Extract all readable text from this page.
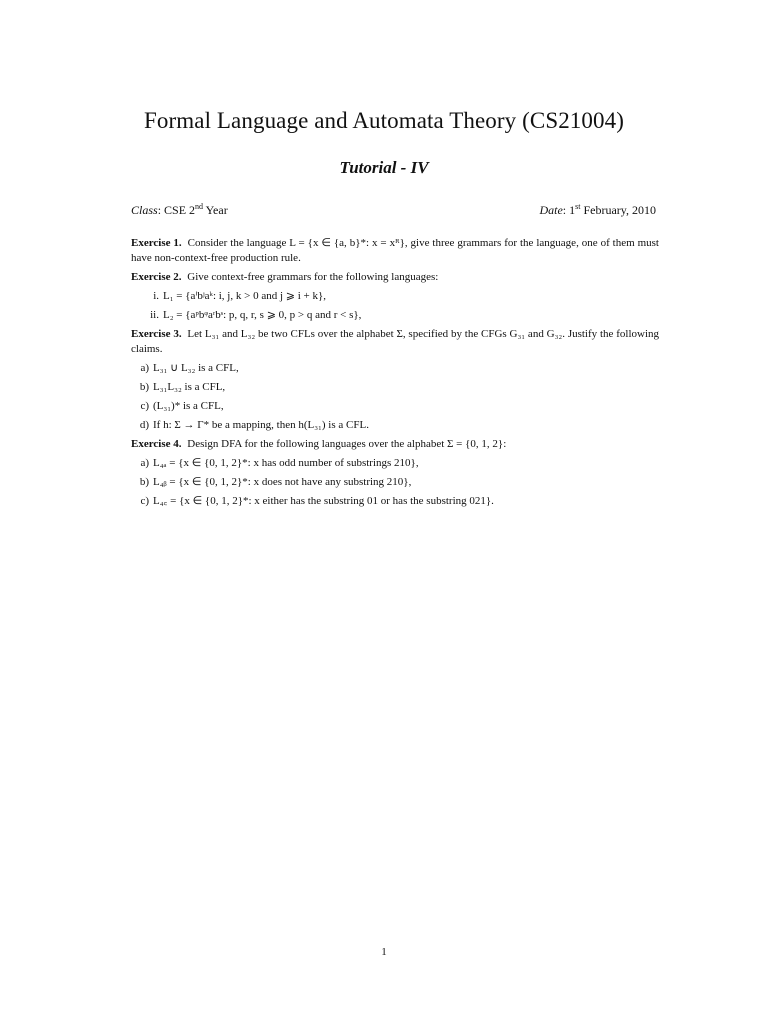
Formal Language and Automata Theory (CS21004)
Tutorial - IV
Class: CSE 2nd Year	Date: 1st February, 2010

Exercise 1. Consider the language L = {x ∈ {a, b}*: x = xᴿ}, give three grammars for the language, one of them must have non-context-free production rule.

Exercise 2. Give context-free grammars for the following languages:

i. L₁ = {aⁱbʲaᵏ: i, j, k > 0 and j ⩾ i + k},
ii. L₂ = {aᵖbᵠaʳbˢ: p, q, r, s ⩾ 0, p > q and r < s},

Exercise 3. Let L₃₁ and L₃₂ be two CFLs over the alphabet Σ, specified by the CFGs G₃₁ and G₃₂. Justify the following claims.

a) L₃₁ ∪ L₃₂ is a CFL,
b) L₃₁L₃₂ is a CFL,
c) (L₃₁)* is a CFL,
d) If h: Σ → Γ* be a mapping, then h(L₃₁) is a CFL.

Exercise 4. Design DFA for the following languages over the alphabet Σ = {0, 1, 2}:

a) L₄ₐ = {x ∈ {0, 1, 2}*: x has odd number of substrings 210},
b) L₄ᵦ = {x ∈ {0, 1, 2}*: x does not have any substring 210},
c) L₄꜀ = {x ∈ {0, 1, 2}*: x either has the substring 01 or has the substring 021}.
1
